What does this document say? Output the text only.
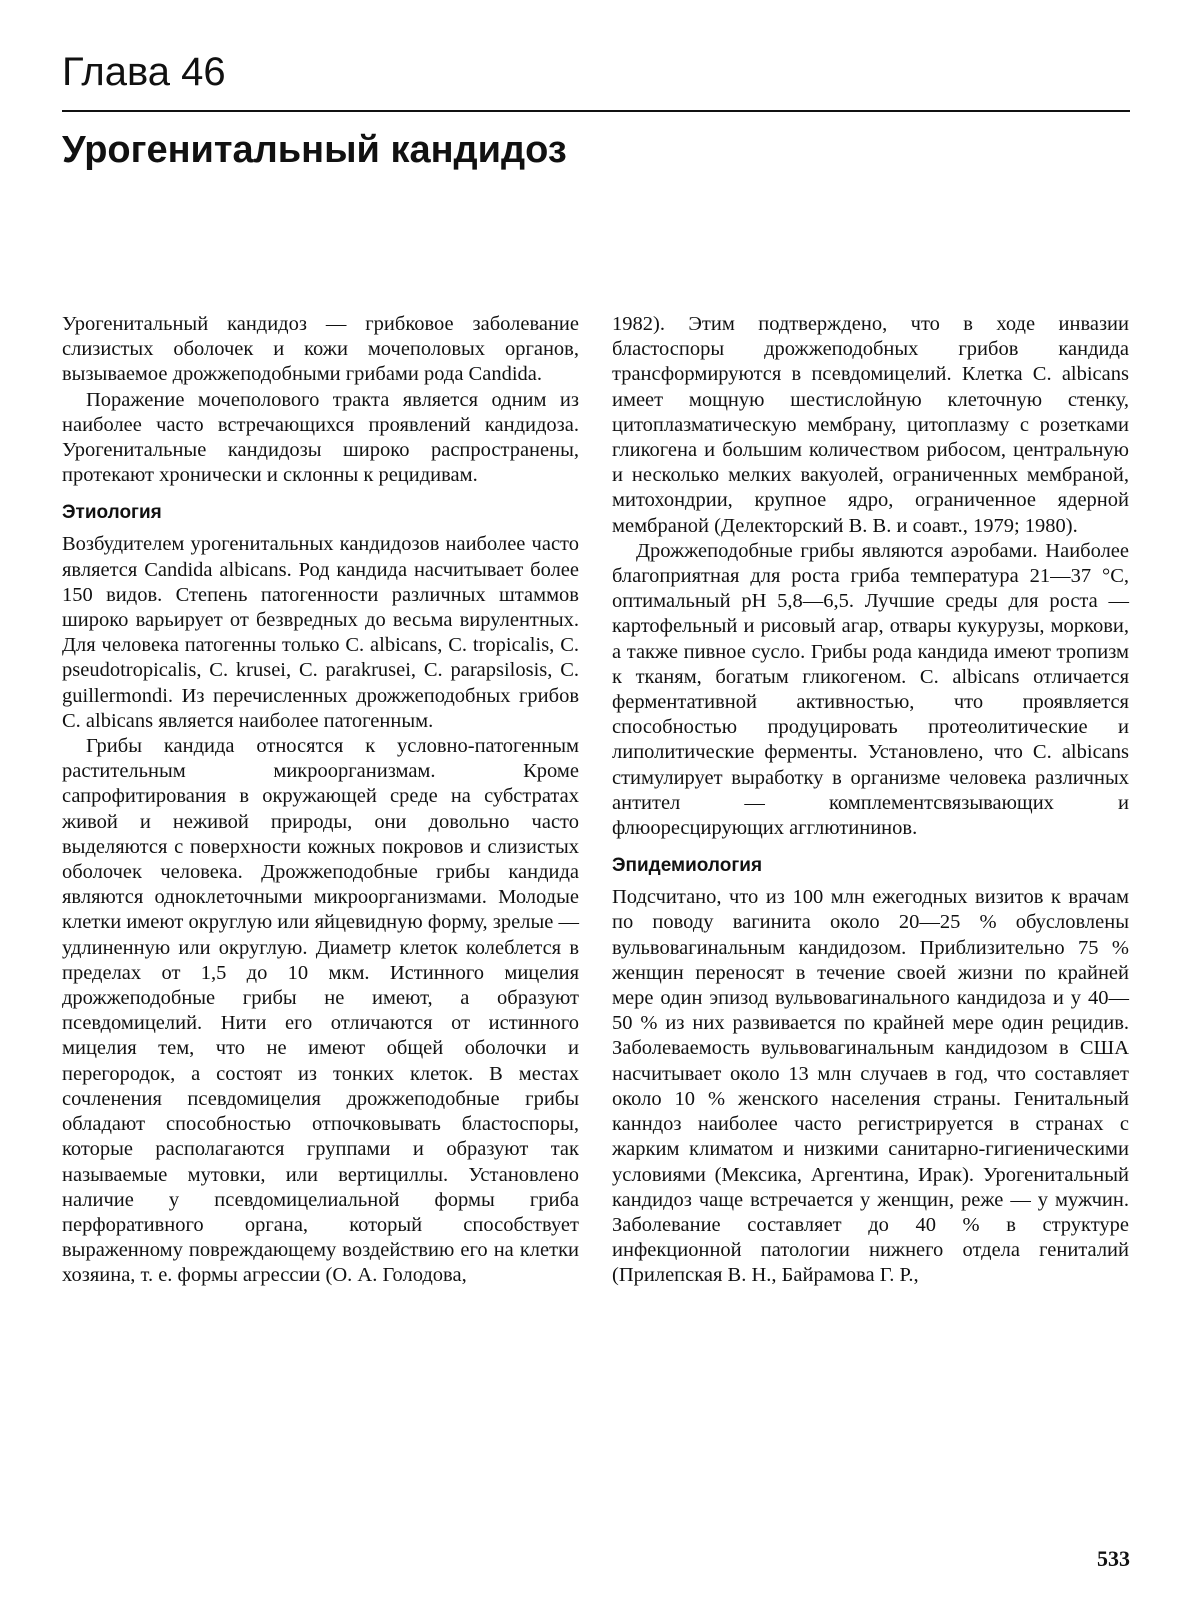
Глава 46
Урогенитальный кандидоз

Урогенитальный кандидоз — грибковое заболевание слизистых оболочек и кожи мочеполовых органов, вызываемое дрожжеподобными грибами рода Candida.

Поражение мочеполового тракта является одним из наиболее часто встречающихся проявлений кандидоза. Урогенитальные кандидозы широко распространены, протекают хронически и склонны к рецидивам.

Этиология

Возбудителем урогенитальных кандидозов наиболее часто является Candida albicans. Род кандида насчитывает более 150 видов. Степень патогенности различных штаммов широко варьирует от безвредных до весьма вирулентных. Для человека патогенны только C. albicans, C. tropicalis, C. pseudotropicalis, C. krusei, C. parakrusei, C. parapsilosis, C. guillermondi. Из перечисленных дрожжеподобных грибов C. albicans является наиболее патогенным.

Грибы кандида относятся к условно-патогенным растительным микроорганизмам. Кроме сапрофитирования в окружающей среде на субстратах живой и неживой природы, они довольно часто выделяются с поверхности кожных покровов и слизистых оболочек человека. Дрожжеподобные грибы кандида являются одноклеточными микроорганизмами. Молодые клетки имеют округлую или яйцевидную форму, зрелые — удлиненную или округлую. Диаметр клеток колеблется в пределах от 1,5 до 10 мкм. Истинного мицелия дрожжеподобные грибы не имеют, а образуют псевдомицелий. Нити его отличаются от истинного мицелия тем, что не имеют общей оболочки и перегородок, а состоят из тонких клеток. В местах сочленения псевдомицелия дрожжеподобные грибы обладают способностью отпочковывать бластоспоры, которые располагаются группами и образуют так называемые мутовки, или вертициллы. Установлено наличие у псевдомицелиальной формы гриба перфоративного органа, который способствует выраженному повреждающему воздействию его на клетки хозяина, т. е. формы агрессии (О. А. Голодова,

1982). Этим подтверждено, что в ходе инвазии бластоспоры дрожжеподобных грибов кандида трансформируются в псевдомицелий. Клетка C. albicans имеет мощную шестислойную клеточную стенку, цитоплазматическую мембрану, цитоплазму с розетками гликогена и большим количеством рибосом, центральную и несколько мелких вакуолей, ограниченных мембраной, митохондрии, крупное ядро, ограниченное ядерной мембраной (Делекторский В. В. и соавт., 1979; 1980).

Дрожжеподобные грибы являются аэробами. Наиболее благоприятная для роста гриба температура 21—37 °С, оптимальный рН 5,8—6,5. Лучшие среды для роста — картофельный и рисовый агар, отвары кукурузы, моркови, а также пивное сусло. Грибы рода кандида имеют тропизм к тканям, богатым гликогеном. C. albicans отличается ферментативной активностью, что проявляется способностью продуцировать протеолитические и липолитические ферменты. Установлено, что C. albicans стимулирует выработку в организме человека различных антител — комплементсвязывающих и флюоресцирующих агглютининов.

Эпидемиология

Подсчитано, что из 100 млн ежегодных визитов к врачам по поводу вагинита около 20—25 % обусловлены вульвовагинальным кандидозом. Приблизительно 75 % женщин переносят в течение своей жизни по крайней мере один эпизод вульвовагинального кандидоза и у 40—50 % из них развивается по крайней мере один рецидив. Заболеваемость вульвовагинальным кандидозом в США насчитывает около 13 млн случаев в год, что составляет около 10 % женского населения страны. Генитальный канндоз наиболее часто регистрируется в странах с жарким климатом и низкими санитарно-гигиеническими условиями (Мексика, Аргентина, Ирак). Урогенитальный кандидоз чаще встречается у женщин, реже — у мужчин. Заболевание составляет до 40 % в структуре инфекционной патологии нижнего отдела гениталий (Прилепская В. Н., Байрамова Г. Р.,

533
